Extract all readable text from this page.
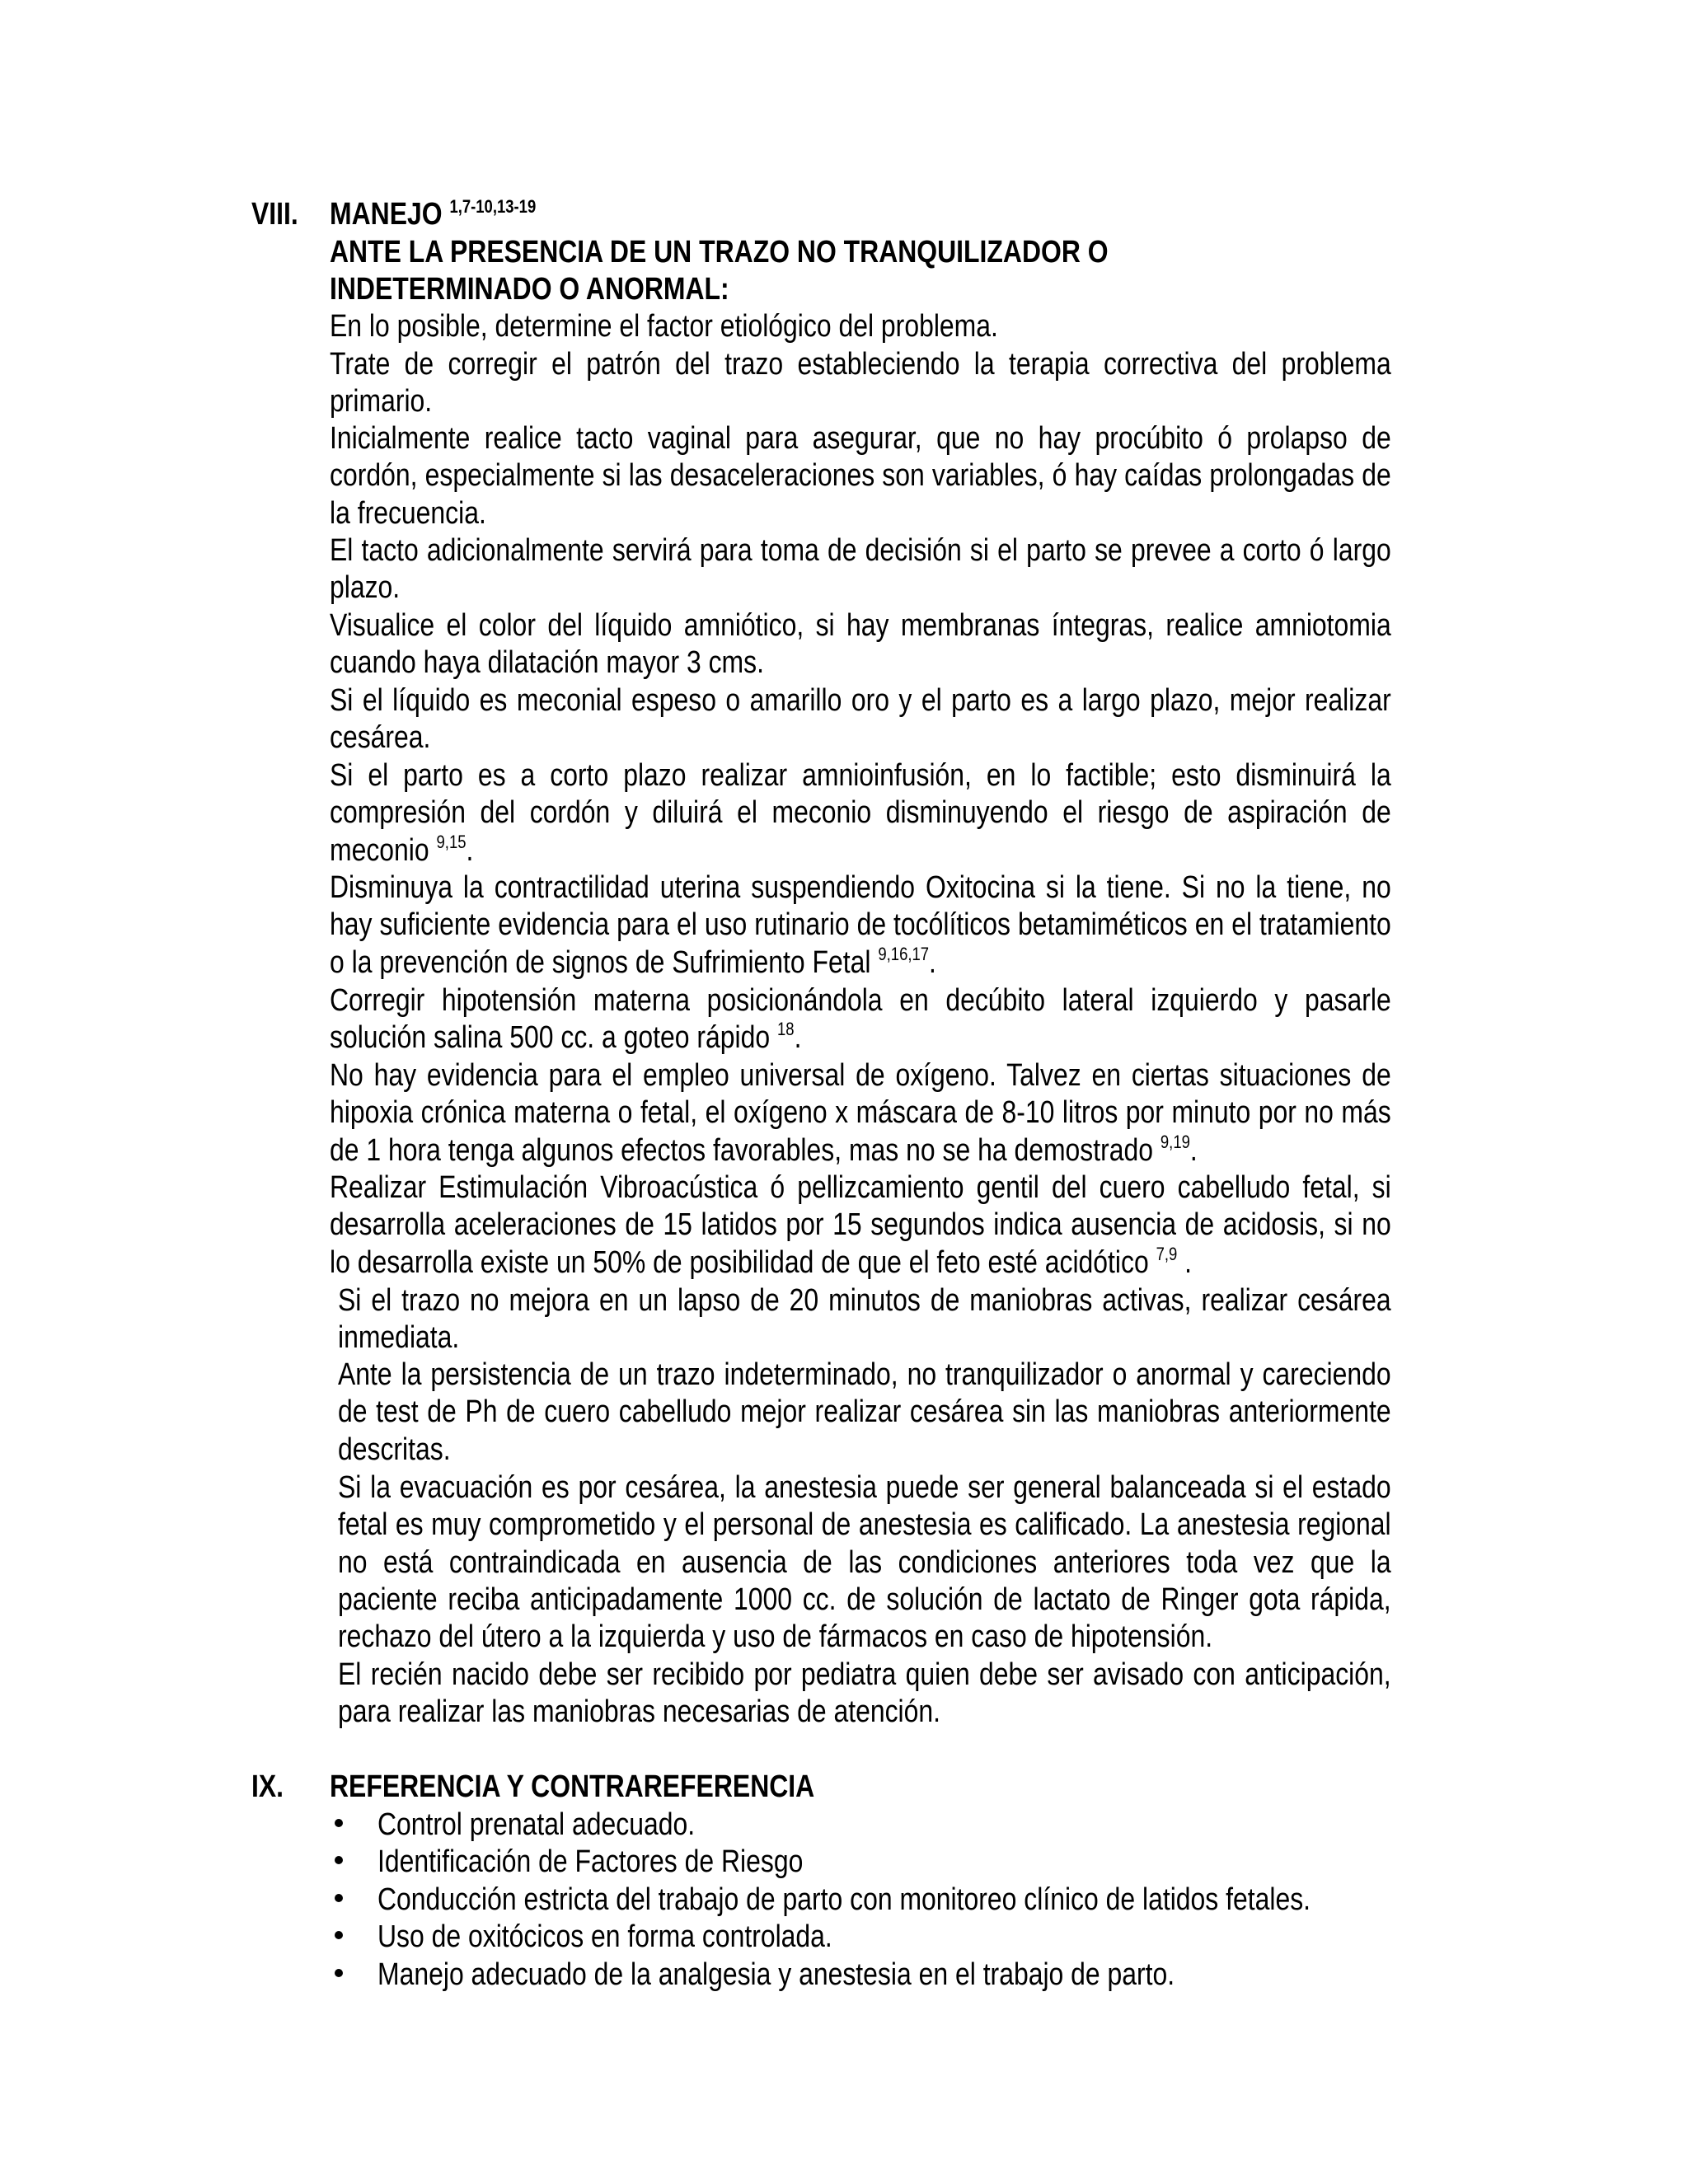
VIII. MANEJO $^{1,7-10,13-19}$
ANTE LA PRESENCIA DE UN TRAZO NO TRANQUILIZADOR O INDETERMINADO O ANORMAL:
En lo posible, determine el factor etiológico del problema.
Trate de corregir el patrón del trazo estableciendo la terapia correctiva del problema primario.
Inicialmente realice tacto vaginal para asegurar, que no hay procúbito ó prolapso de cordón, especialmente si las desaceleraciones son variables, ó hay caídas prolongadas de la frecuencia.
El tacto adicionalmente servirá para toma de decisión si el parto se prevee a corto ó largo plazo.
Visualice el color del líquido amniótico, si hay membranas íntegras, realice amniotomia cuando haya dilatación mayor 3 cms.
Si el líquido es meconial espeso o amarillo oro y el parto es a largo plazo, mejor realizar cesárea.
Si el parto es a corto plazo realizar amnioinfusión, en lo factible; esto disminuirá la compresión del cordón y diluirá el meconio disminuyendo el riesgo de aspiración de meconio $^{9,15}$.
Disminuya la contractilidad uterina suspendiendo Oxitocina si la tiene. Si no la tiene, no hay suficiente evidencia para el uso rutinario de tocólíticos betamiméticos en el tratamiento o la prevención de signos de Sufrimiento Fetal $^{9,16,17}$.
Corregir hipotensión materna posicionándola en decúbito lateral izquierdo y pasarle solución salina 500 cc. a goteo rápido $^{18}$.
No hay evidencia para el empleo universal de oxígeno. Talvez en ciertas situaciones de hipoxia crónica materna o fetal, el oxígeno x máscara de 8-10 litros por minuto por no más de 1 hora tenga algunos efectos favorables, mas no se ha demostrado $^{9,19}$.
Realizar Estimulación Vibroacústica ó pellizcamiento gentil del cuero cabelludo fetal, si desarrolla aceleraciones de 15 latidos por 15 segundos indica ausencia de acidosis, si no lo desarrolla existe un 50% de posibilidad de que el feto esté acidótico $^{7,9}$ .
Si el trazo no mejora en un lapso de 20 minutos de maniobras activas, realizar cesárea inmediata.
Ante la persistencia de un trazo indeterminado, no tranquilizador o anormal y careciendo de test de Ph de cuero cabelludo mejor realizar cesárea sin las maniobras anteriormente descritas.
Si la evacuación es por cesárea, la anestesia puede ser general balanceada si el estado fetal es muy comprometido y el personal de anestesia es calificado. La anestesia regional no está contraindicada en ausencia de las condiciones anteriores toda vez que la paciente reciba anticipadamente 1000 cc. de solución de lactato de Ringer gota rápida, rechazo del útero a la izquierda y uso de fármacos en caso de hipotensión.
El recién nacido debe ser recibido por pediatra quien debe ser avisado con anticipación, para realizar las maniobras necesarias de atención.
IX. REFERENCIA Y CONTRAREFERENCIA
Control prenatal adecuado.
Identificación de Factores de Riesgo
Conducción estricta del trabajo de parto con monitoreo clínico de latidos fetales.
Uso de oxitócicos en forma controlada.
Manejo adecuado de la analgesia y anestesia en el trabajo de parto.
